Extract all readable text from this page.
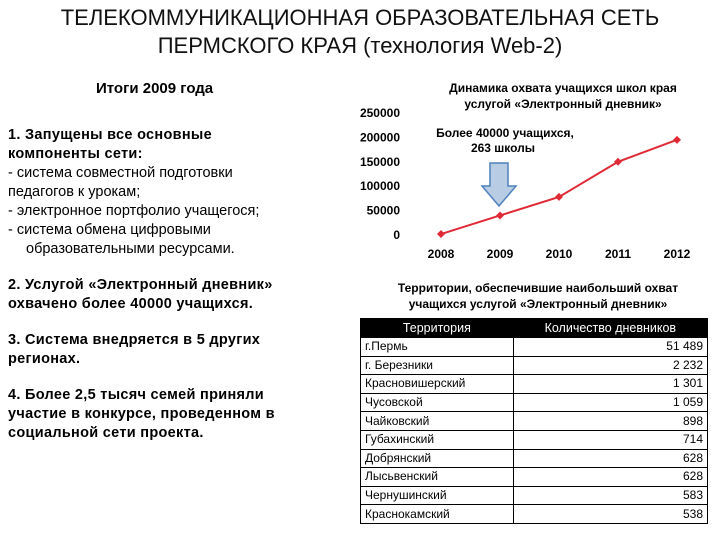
ТЕЛЕКОММУНИКАЦИОННАЯ ОБРАЗОВАТЕЛЬНАЯ СЕТЬ
ПЕРМСКОГО КРАЯ (технология Web-2)
Итоги 2009 года
1. Запущены все основные
компоненты сети:
- система совместной подготовки
педагогов к урокам;
- электронное портфолио учащегося;
- система обмена цифровыми
образовательными ресурсами.
2. Услугой «Электронный дневник»
охвачено более 40000 учащихся.
3. Система внедряется в 5 других
регионах.
4. Более 2,5 тысяч семей приняли
участие в конкурсе, проведенном в
социальной сети проекта.
Динамика охвата учащихся школ края
услугой «Электронный дневник»
0
50000
100000
150000
200000
250000
2008	2009	2010	2011	2012
Более 40000 учащихся,
263 школы
Территории, обеспечившие наибольший охват
учащихся услугой «Электронный дневник»
Территория	Количество дневников
г.Пермь	51 489
г. Березники	2 232
Красновишерский	1 301
Чусовской	1 059
Чайковский	898
Губахинский	714
Добрянский	628
Лысьвенский	628
Чернушинский	583
Краснокамский	538
